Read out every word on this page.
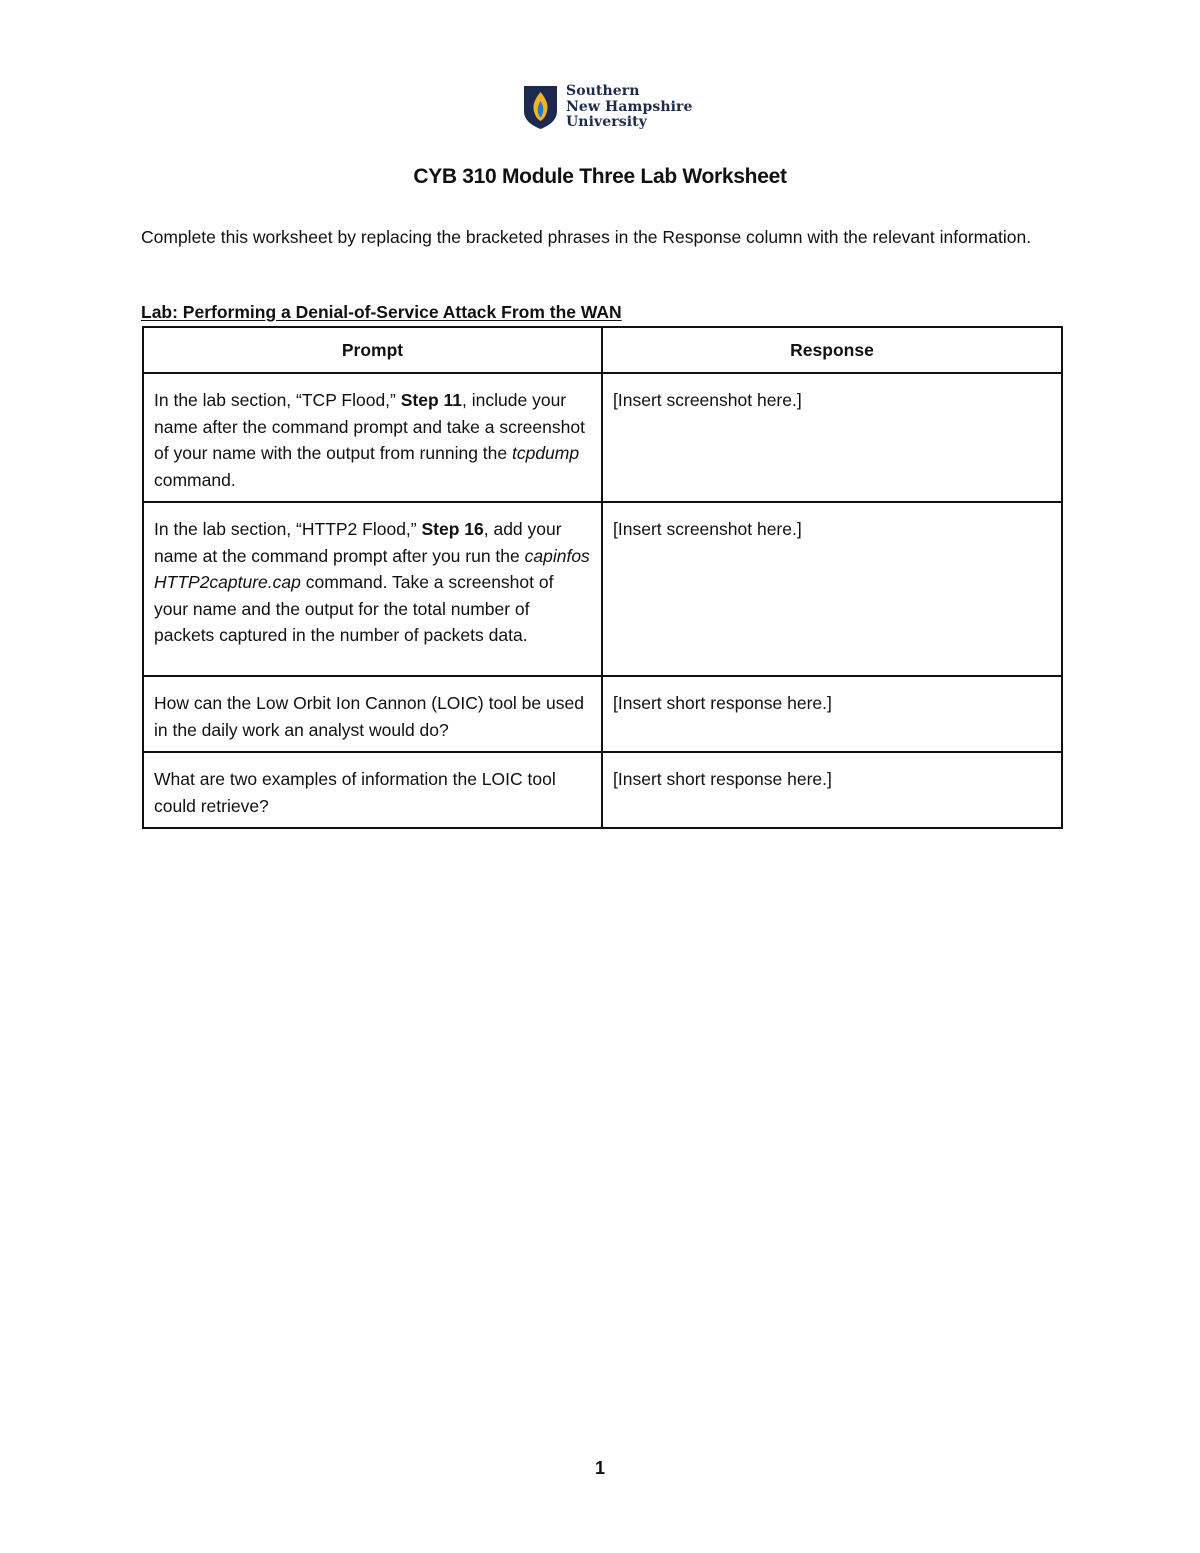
Southern
New Hampshire
University
CYB 310 Module Three Lab Worksheet
Complete this worksheet by replacing the bracketed phrases in the Response column with the relevant information.
Lab: Performing a Denial-of-Service Attack From the WAN
Prompt	Response
In the lab section, “TCP Flood,” Step 11, include your name after the command prompt and take a screenshot of your name with the output from running the tcpdump command.	[Insert screenshot here.]
In the lab section, “HTTP2 Flood,” Step 16, add your name at the command prompt after you run the capinfos HTTP2capture.cap command. Take a screenshot of your name and the output for the total number of packets captured in the number of packets data.	[Insert screenshot here.]
How can the Low Orbit Ion Cannon (LOIC) tool be used in the daily work an analyst would do?	[Insert short response here.]
What are two examples of information the LOIC tool could retrieve?	[Insert short response here.]
1
